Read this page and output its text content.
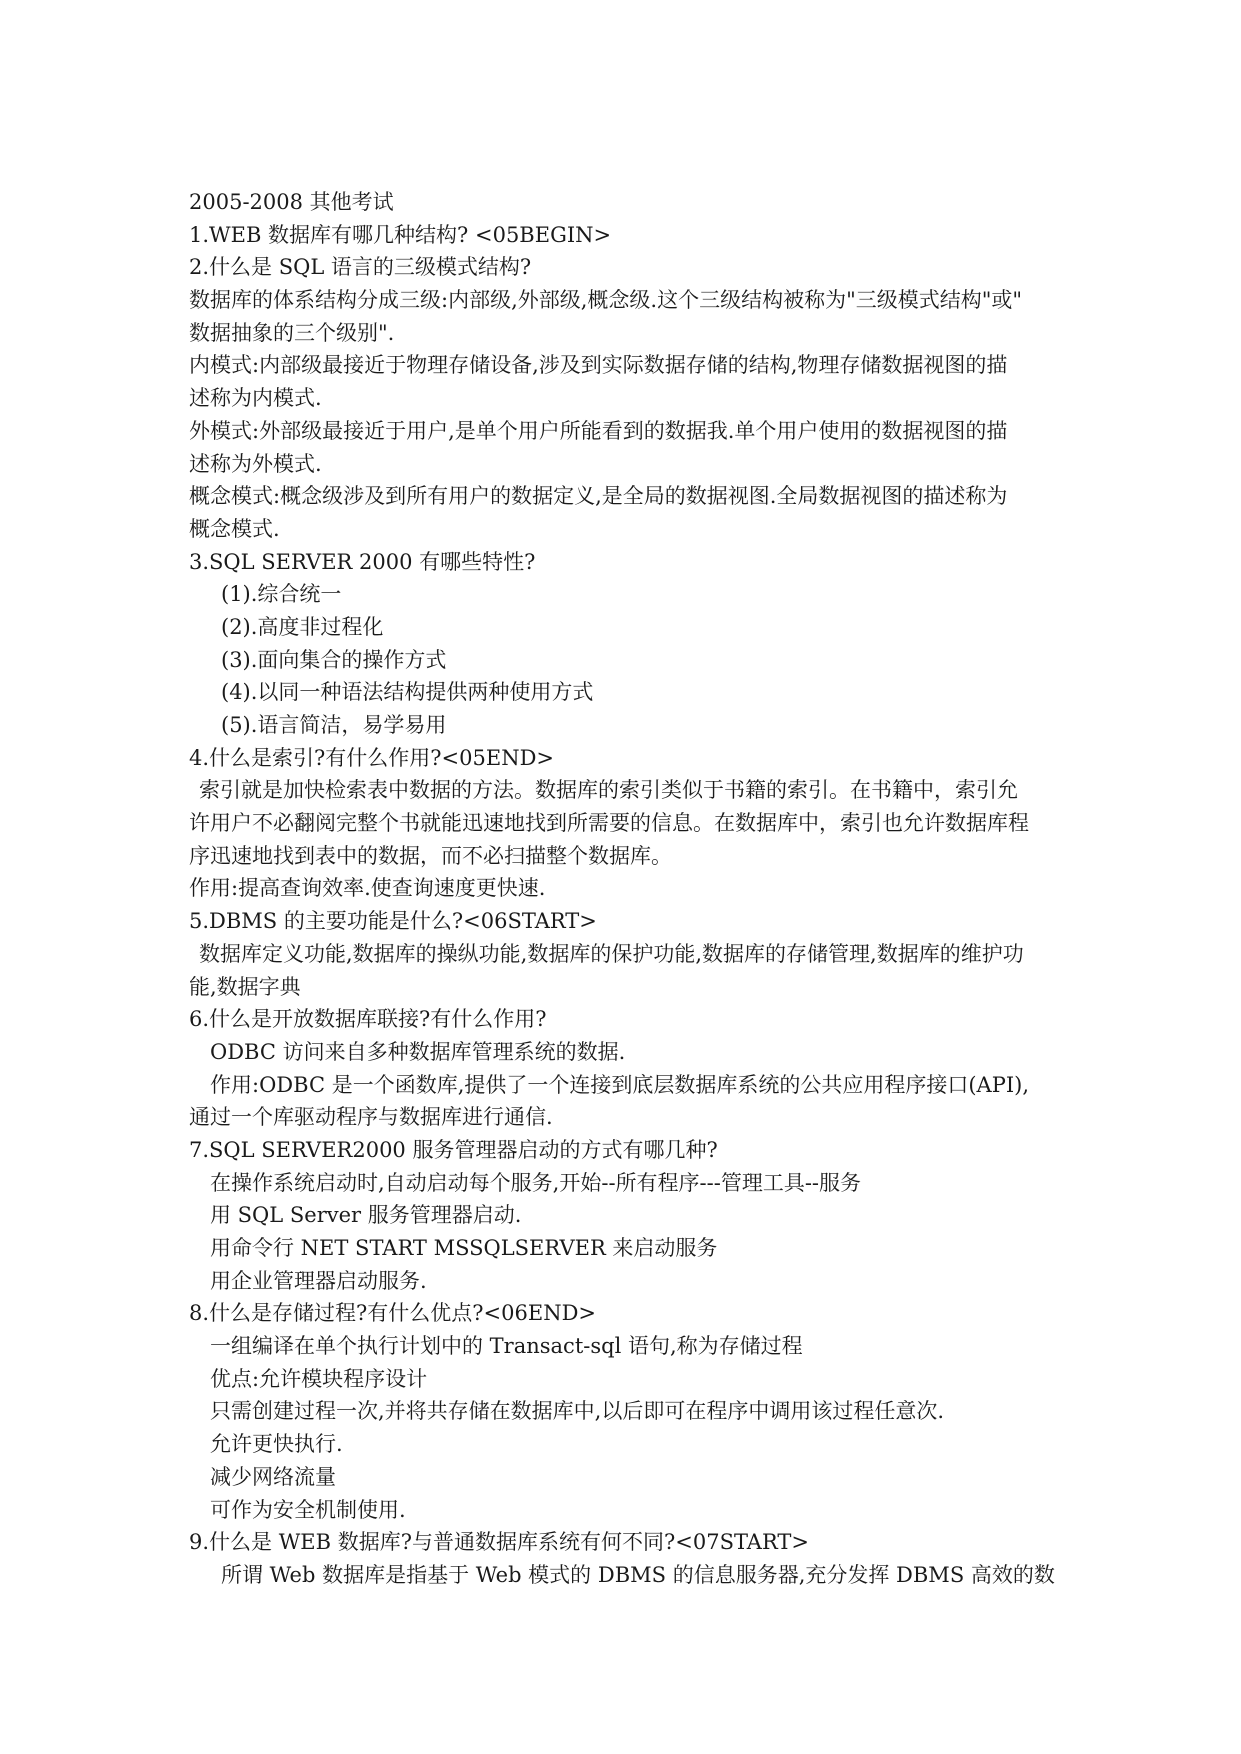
2005-2008 其他考试
1.WEB 数据库有哪几种结构? <05BEGIN>
2.什么是 SQL 语言的三级模式结构?
数据库的体系结构分成三级:内部级,外部级,概念级.这个三级结构被称为"三级模式结构"或"
数据抽象的三个级别".
内模式:内部级最接近于物理存储设备,涉及到实际数据存储的结构,物理存储数据视图的描
述称为内模式.
外模式:外部级最接近于用户,是单个用户所能看到的数据我.单个用户使用的数据视图的描
述称为外模式.
概念模式:概念级涉及到所有用户的数据定义,是全局的数据视图.全局数据视图的描述称为
概念模式.
3.SQL SERVER 2000 有哪些特性?
(1).综合统一
(2).高度非过程化
(3).面向集合的操作方式
(4).以同一种语法结构提供两种使用方式
(5).语言简洁，易学易用
4.什么是索引?有什么作用?<05END>
索引就是加快检索表中数据的方法。数据库的索引类似于书籍的索引。在书籍中，索引允
许用户不必翻阅完整个书就能迅速地找到所需要的信息。在数据库中，索引也允许数据库程
序迅速地找到表中的数据，而不必扫描整个数据库。
作用:提高查询效率.使查询速度更快速.
5.DBMS 的主要功能是什么?<06START>
数据库定义功能,数据库的操纵功能,数据库的保护功能,数据库的存储管理,数据库的维护功
能,数据字典
6.什么是开放数据库联接?有什么作用?
ODBC 访问来自多种数据库管理系统的数据.
作用:ODBC 是一个函数库,提供了一个连接到底层数据库系统的公共应用程序接口(API),
通过一个库驱动程序与数据库进行通信.
7.SQL SERVER2000 服务管理器启动的方式有哪几种?
在操作系统启动时,自动启动每个服务,开始--所有程序---管理工具--服务
用 SQL Server 服务管理器启动.
用命令行 NET START MSSQLSERVER 来启动服务
用企业管理器启动服务.
8.什么是存储过程?有什么优点?<06END>
一组编译在单个执行计划中的 Transact-sql 语句,称为存储过程
优点:允许模块程序设计
只需创建过程一次,并将共存储在数据库中,以后即可在程序中调用该过程任意次.
允许更快执行.
减少网络流量
可作为安全机制使用.
9.什么是 WEB 数据库?与普通数据库系统有何不同?<07START>
所谓 Web 数据库是指基于 Web 模式的 DBMS 的信息服务器,充分发挥 DBMS 高效的数
